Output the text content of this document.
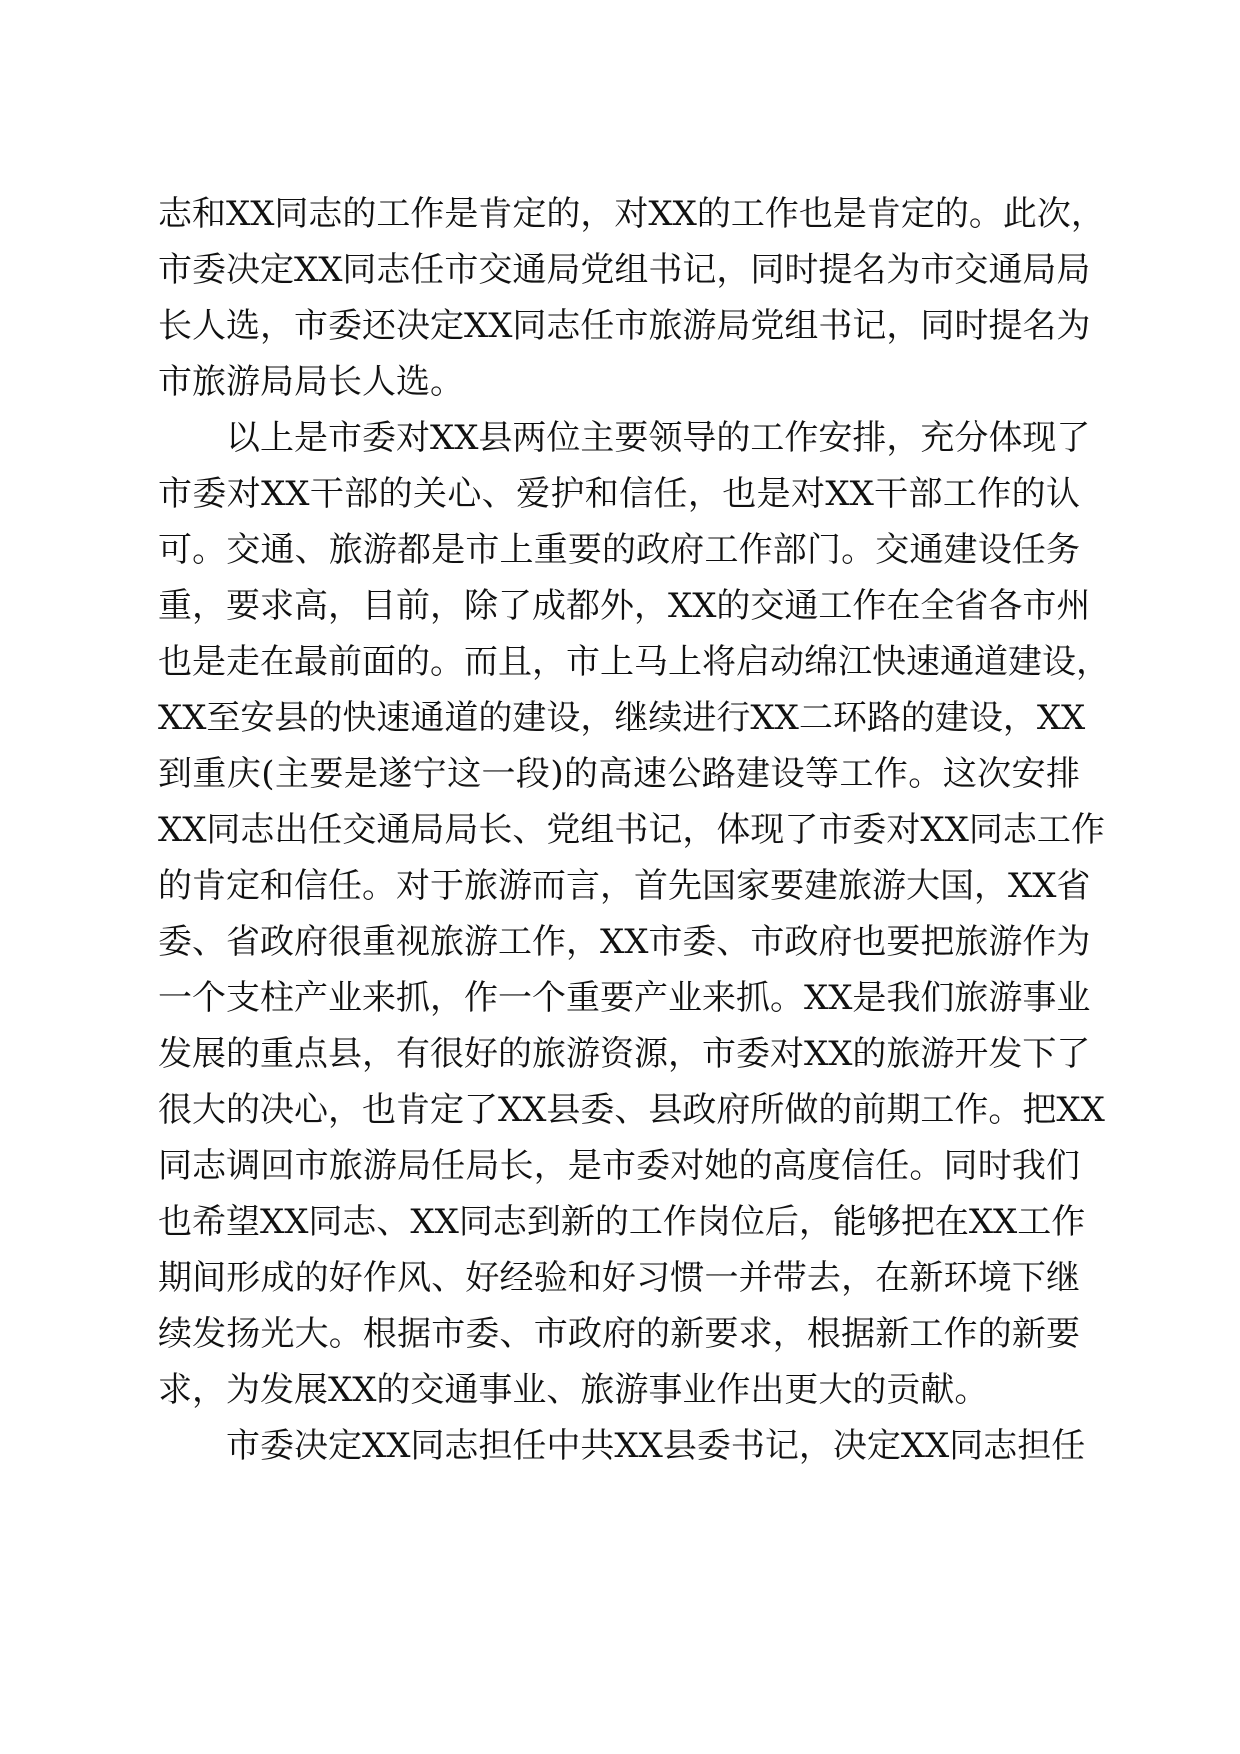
志和XX同志的工作是肯定的，对XX的工作也是肯定的。此次，
市委决定XX同志任市交通局党组书记，同时提名为市交通局局
长人选，市委还决定XX同志任市旅游局党组书记，同时提名为
市旅游局局长人选。
以上是市委对XX县两位主要领导的工作安排，充分体现了
市委对XX干部的关心、爱护和信任，也是对XX干部工作的认
可。交通、旅游都是市上重要的政府工作部门。交通建设任务
重，要求高，目前，除了成都外，XX的交通工作在全省各市州
也是走在最前面的。而且，市上马上将启动绵江快速通道建设，
XX至安县的快速通道的建设，继续进行XX二环路的建设，XX
到重庆(主要是遂宁这一段)的高速公路建设等工作。这次安排
XX同志出任交通局局长、党组书记，体现了市委对XX同志工作
的肯定和信任。对于旅游而言，首先国家要建旅游大国，XX省
委、省政府很重视旅游工作，XX市委、市政府也要把旅游作为
一个支柱产业来抓，作一个重要产业来抓。XX是我们旅游事业
发展的重点县，有很好的旅游资源，市委对XX的旅游开发下了
很大的决心，也肯定了XX县委、县政府所做的前期工作。把XX
同志调回市旅游局任局长，是市委对她的高度信任。同时我们
也希望XX同志、XX同志到新的工作岗位后，能够把在XX工作
期间形成的好作风、好经验和好习惯一并带去，在新环境下继
续发扬光大。根据市委、市政府的新要求，根据新工作的新要
求，为发展XX的交通事业、旅游事业作出更大的贡献。
市委决定XX同志担任中共XX县委书记，决定XX同志担任
